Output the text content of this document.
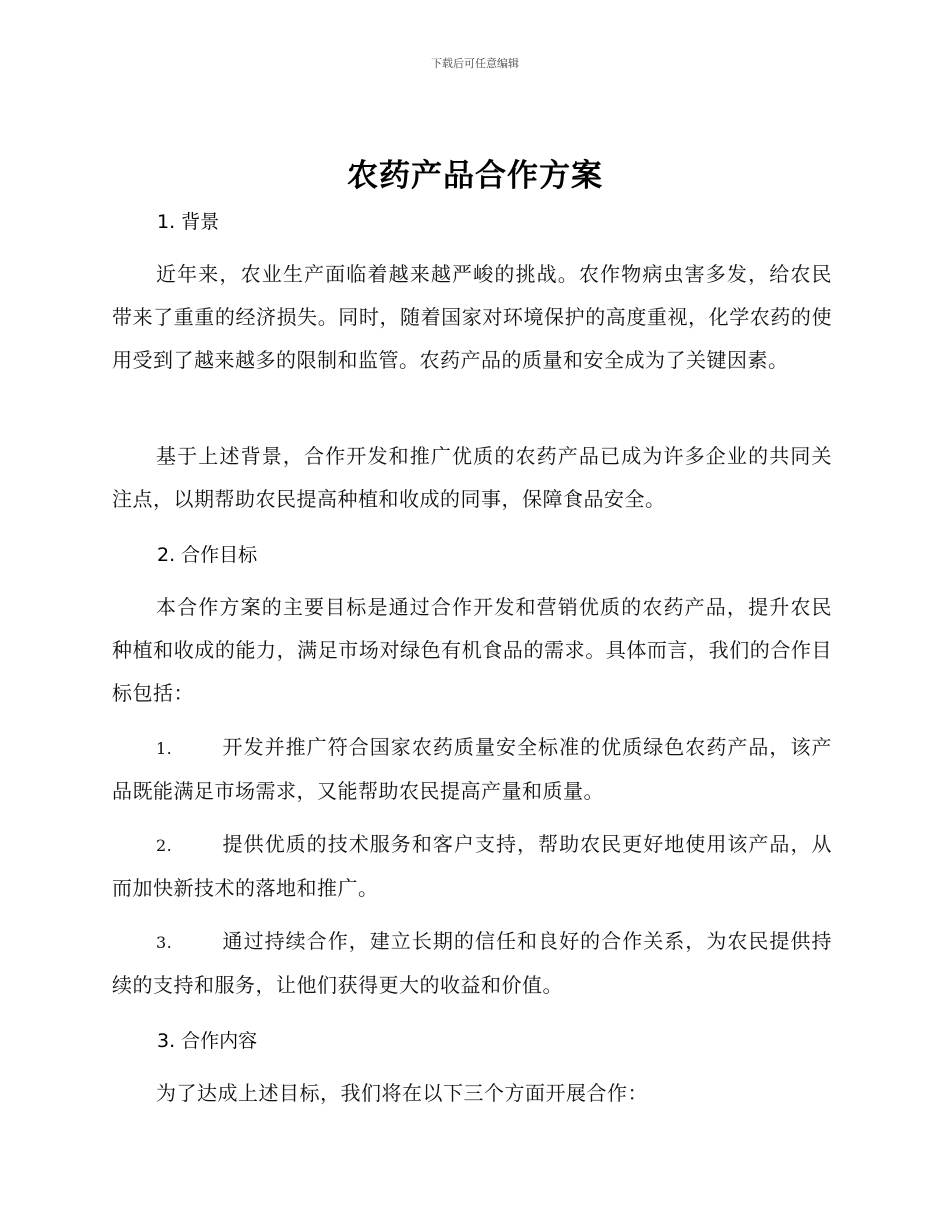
下载后可任意编辑
农药产品合作方案
1. 背景

近年来，农业生产面临着越来越严峻的挑战。农作物病虫害多发，给农民带来了重重的经济损失。同时，随着国家对环境保护的高度重视，化学农药的使用受到了越来越多的限制和监管。农药产品的质量和安全成为了关键因素。

基于上述背景，合作开发和推广优质的农药产品已成为许多企业的共同关注点，以期帮助农民提高种植和收成的同事，保障食品安全。

2. 合作目标

本合作方案的主要目标是通过合作开发和营销优质的农药产品，提升农民种植和收成的能力，满足市场对绿色有机食品的需求。具体而言，我们的合作目标包括：

1. 开发并推广符合国家农药质量安全标准的优质绿色农药产品，该产品既能满足市场需求，又能帮助农民提高产量和质量。

2. 提供优质的技术服务和客户支持，帮助农民更好地使用该产品，从而加快新技术的落地和推广。

3. 通过持续合作，建立长期的信任和良好的合作关系，为农民提供持续的支持和服务，让他们获得更大的收益和价值。

3. 合作内容

为了达成上述目标，我们将在以下三个方面开展合作：
